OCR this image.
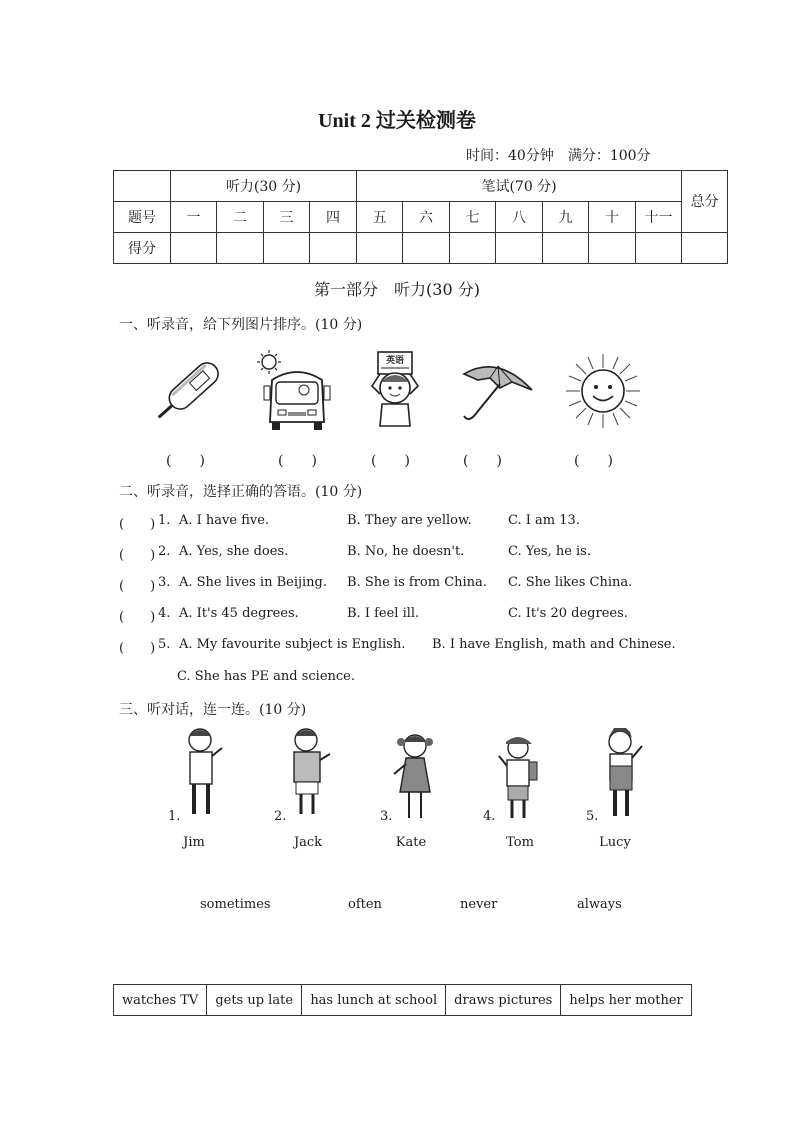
Unit 2 过关检测卷
时间：40分钟　满分：100分
	听力(30 分)				笔试(70 分)							总分
题号	一	二	三	四	五	六	七	八	九	十	十一	
得分												
第一部分　听力(30 分)
一、听录音，给下列图片排序。(10 分)
英语
(　　)	(　　)	(　　)	(　　)	(　　)
二、听录音，选择正确的答语。(10 分)
(　　) 1. A. I have five.	B. They are yellow.	C. I am 13.
(　　) 2. A. Yes, she does.	B. No, he doesn't.	C. Yes, he is.
(　　) 3. A. She lives in Beijing. B. She is from China. C. She likes China.
(　　) 4. A. It's 45 degrees.	B. I feel ill.	C. It's 20 degrees.
(　　) 5. A. My favourite subject is English. B. I have English, math and Chinese.
C. She has PE and science.
三、听对话，连一连。(10 分)
1.	2.	3.	4.	5.
Jim	Jack	Kate	Tom	Lucy
sometimes	often	never	always
watches TV	gets up late	has lunch at school	draws pictures	helps her mother
